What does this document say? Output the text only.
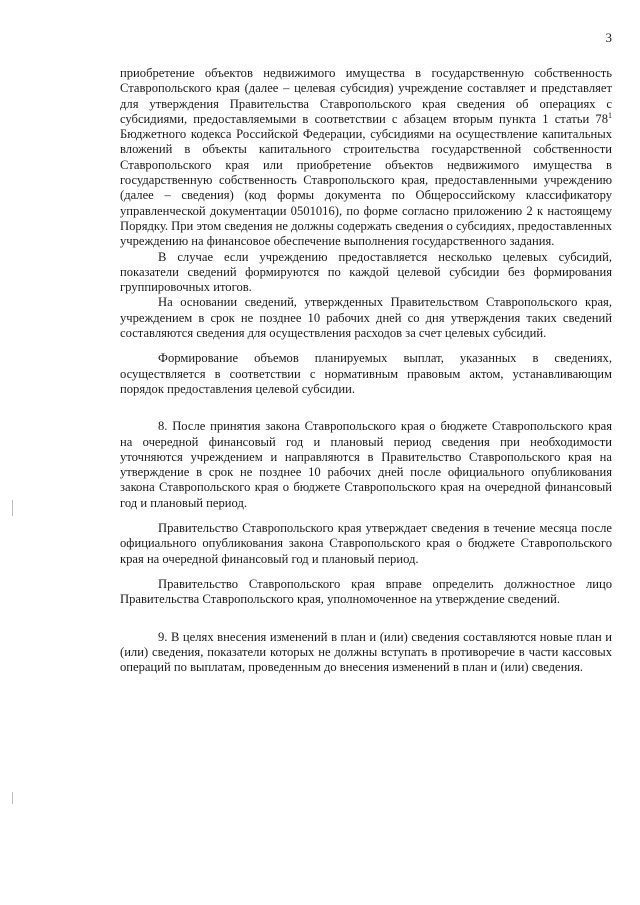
3

приобретение объектов недвижимого имущества в государственную собственность Ставропольского края (далее – целевая субсидия) учреждение составляет и представляет для утверждения Правительства Ставропольского края сведения об операциях с субсидиями, предоставляемыми в соответствии с абзацем вторым пункта 1 статьи $78^1$ Бюджетного кодекса Российской Федерации, субсидиями на осуществление капитальных вложений в объекты капитального строительства государственной собственности Ставропольского края или приобретение объектов недвижимого имущества в государственную собственность Ставропольского края, предоставленными учреждению (далее – сведения) (код формы документа по Общероссийскому классификатору управленческой документации 0501016), по форме согласно приложению 2 к настоящему Порядку. При этом сведения не должны содержать сведения о субсидиях, предоставленных учреждению на финансовое обеспечение выполнения государственного задания.

В случае если учреждению предоставляется несколько целевых субсидий, показатели сведений формируются по каждой целевой субсидии без формирования группировочных итогов.

На основании сведений, утвержденных Правительством Ставропольского края, учреждением в срок не позднее 10 рабочих дней со дня утверждения таких сведений составляются сведения для осуществления расходов за счет целевых субсидий.

Формирование объемов планируемых выплат, указанных в сведениях, осуществляется в соответствии с нормативным правовым актом, устанавливающим порядок предоставления целевой субсидии.

8. После принятия закона Ставропольского края о бюджете Ставропольского края на очередной финансовый год и плановый период сведения при необходимости уточняются учреждением и направляются в Правительство Ставропольского края на утверждение в срок не позднее 10 рабочих дней после официального опубликования закона Ставропольского края о бюджете Ставропольского края на очередной финансовый год и плановый период.

Правительство Ставропольского края утверждает сведения в течение месяца после официального опубликования закона Ставропольского края о бюджете Ставропольского края на очередной финансовый год и плановый период.

Правительство Ставропольского края вправе определить должностное лицо Правительства Ставропольского края, уполномоченное на утверждение сведений.

9. В целях внесения изменений в план и (или) сведения составляются новые план и (или) сведения, показатели которых не должны вступать в противоречие в части кассовых операций по выплатам, проведенным до внесения изменений в план и (или) сведения.
